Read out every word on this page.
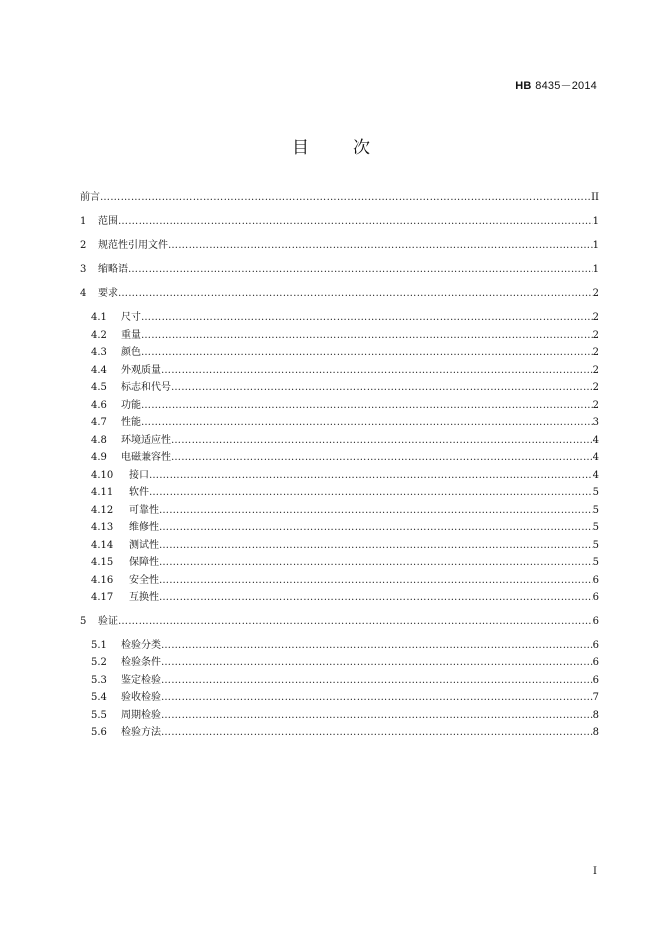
HB 8435－2014
目次
前言 ………………………………………………………………………………………………………………………………………………………………………………………………………………………………………………………………………	II
1 范围 ………………………………………………………………………………………………………………………………………………………………………………………………………………………………………………………………………	1
2 规范性引用文件 ………………………………………………………………………………………………………………………………………………………………………………………………………………………………………………………………………	1
3 缩略语 ………………………………………………………………………………………………………………………………………………………………………………………………………………………………………………………………………	1
4 要求 ………………………………………………………………………………………………………………………………………………………………………………………………………………………………………………………………………	2
4.1 尺寸 ………………………………………………………………………………………………………………………………………………………………………………………………………………………………………………………………………	2
4.2 重量 ………………………………………………………………………………………………………………………………………………………………………………………………………………………………………………………………………	2
4.3 颜色 ………………………………………………………………………………………………………………………………………………………………………………………………………………………………………………………………………	2
4.4 外观质量 ………………………………………………………………………………………………………………………………………………………………………………………………………………………………………………………………………	2
4.5 标志和代号 ………………………………………………………………………………………………………………………………………………………………………………………………………………………………………………………………………	2
4.6 功能 ………………………………………………………………………………………………………………………………………………………………………………………………………………………………………………………………………	2
4.7 性能 ………………………………………………………………………………………………………………………………………………………………………………………………………………………………………………………………………	3
4.8 环境适应性 ………………………………………………………………………………………………………………………………………………………………………………………………………………………………………………………………………	4
4.9 电磁兼容性 ………………………………………………………………………………………………………………………………………………………………………………………………………………………………………………………………………	4
4.10 接口 ………………………………………………………………………………………………………………………………………………………………………………………………………………………………………………………………………	4
4.11 软件 ………………………………………………………………………………………………………………………………………………………………………………………………………………………………………………………………………	5
4.12 可靠性 ………………………………………………………………………………………………………………………………………………………………………………………………………………………………………………………………………	5
4.13 维修性 ………………………………………………………………………………………………………………………………………………………………………………………………………………………………………………………………………	5
4.14 测试性 ………………………………………………………………………………………………………………………………………………………………………………………………………………………………………………………………………	5
4.15 保障性 ………………………………………………………………………………………………………………………………………………………………………………………………………………………………………………………………………	5
4.16 安全性 ………………………………………………………………………………………………………………………………………………………………………………………………………………………………………………………………………	6
4.17 互换性 ………………………………………………………………………………………………………………………………………………………………………………………………………………………………………………………………………	6
5 验证 ………………………………………………………………………………………………………………………………………………………………………………………………………………………………………………………………………	6
5.1 检验分类 ………………………………………………………………………………………………………………………………………………………………………………………………………………………………………………………………………	6
5.2 检验条件 ………………………………………………………………………………………………………………………………………………………………………………………………………………………………………………………………………	6
5.3 鉴定检验 ………………………………………………………………………………………………………………………………………………………………………………………………………………………………………………………………………	6
5.4 验收检验 ………………………………………………………………………………………………………………………………………………………………………………………………………………………………………………………………………	7
5.5 周期检验 ………………………………………………………………………………………………………………………………………………………………………………………………………………………………………………………………………	8
5.6 检验方法 ………………………………………………………………………………………………………………………………………………………………………………………………………………………………………………………………………	8
I
